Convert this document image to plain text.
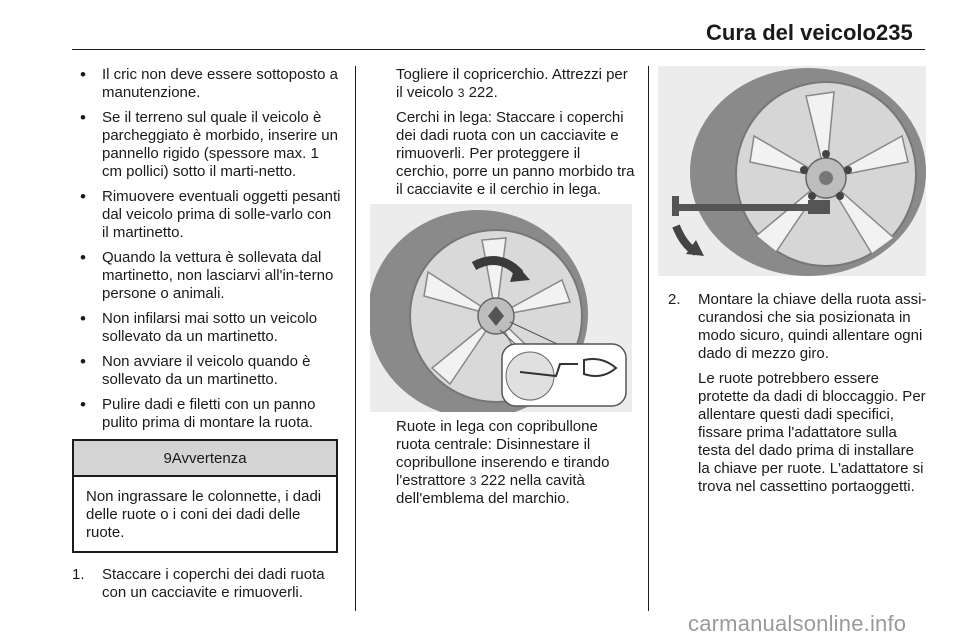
Cura del veicolo 235
• Il cric non deve essere sottoposto a manutenzione.
• Se il terreno sul quale il veicolo è parcheggiato è morbido, inserire un pannello rigido (spessore max. 1 cm pollici) sotto il marti-netto.
• Rimuovere eventuali oggetti pesanti dal veicolo prima di solle-varlo con il martinetto.
• Quando la vettura è sollevata dal martinetto, non lasciarvi all'in-terno persone o animali.
• Non infilarsi mai sotto un veicolo sollevato da un martinetto.
• Non avviare il veicolo quando è sollevato da un martinetto.
• Pulire dadi e filetti con un panno pulito prima di montare la ruota.
9Avvertenza
Non ingrassare le colonnette, i dadi delle ruote o i coni dei dadi delle ruote.
1. Staccare i coperchi dei dadi ruota con un cacciavite e rimuoverli.

Togliere il copricerchio. Attrezzi per il veicolo 3 222.

Cerchi in lega: Staccare i coperchi dei dadi ruota con un cacciavite e rimuoverli. Per proteggere il cerchio, porre un panno morbido tra il cacciavite e il cerchio in lega.

Ruote in lega con copribullone ruota centrale: Disinnestare il copribullone inserendo e tirando l'estrattore 3 222 nella cavità dell'emblema del marchio.
2. Montare la chiave della ruota assi-curandosi che sia posizionata in modo sicuro, quindi allentare ogni dado di mezzo giro.

Le ruote potrebbero essere protette da dadi di bloccaggio. Per allentare questi dadi specifici, fissare prima l'adattatore sulla testa del dado prima di installare la chiave per ruote. L'adattatore si trova nel cassettino portaoggetti.

carmanualsonline.info
